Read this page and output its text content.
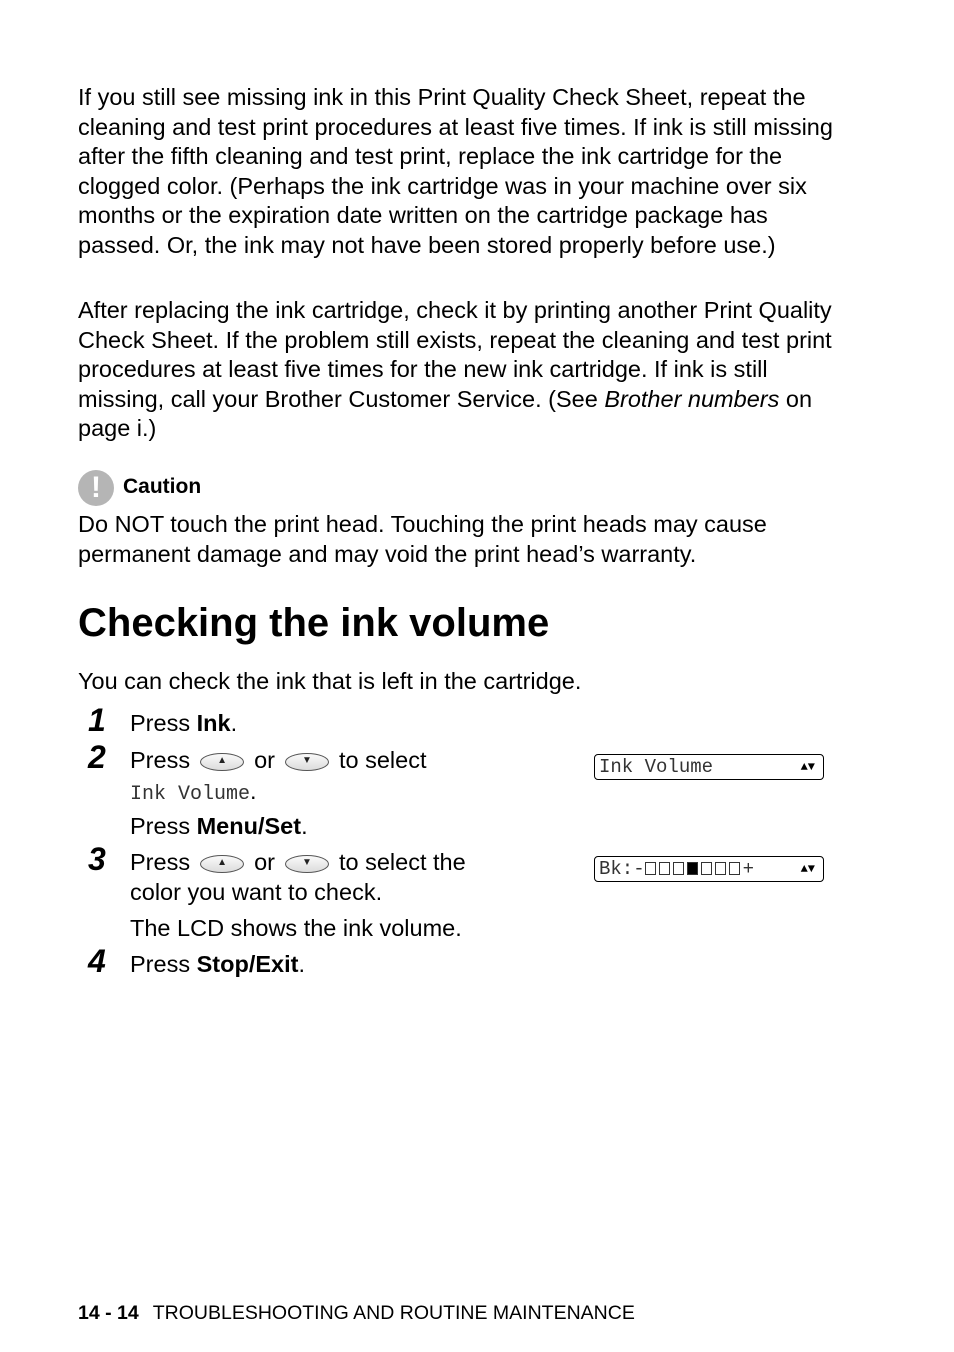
If you still see missing ink in this Print Quality Check Sheet, repeat the cleaning and test print procedures at least five times. If ink is still missing after the fifth cleaning and test print, replace the ink cartridge for the clogged color. (Perhaps the ink cartridge was in your machine over six months or the expiration date written on the cartridge package has passed. Or, the ink may not have been stored properly before use.)

After replacing the ink cartridge, check it by printing another Print Quality Check Sheet. If the problem still exists, repeat the cleaning and test print procedures at least five times for the new ink cartridge. If ink is still missing, call your Brother Customer Service. (See Brother numbers on page i.)

!	Caution

Do NOT touch the print head. Touching the print heads may cause permanent damage and may void the print head’s warranty.

Checking the ink volume

You can check the ink that is left in the cartridge.

1	Press Ink.
2	Press	▲	or	▼	to select
Ink Volume.
Press Menu/Set.
Ink Volume	▲▼
3	Press	▲	or	▼	to select the
color you want to check.
The LCD shows the ink volume.
Bk:-	+	▲▼
4	Press Stop/Exit.
14 - 14 TROUBLESHOOTING AND ROUTINE MAINTENANCE
